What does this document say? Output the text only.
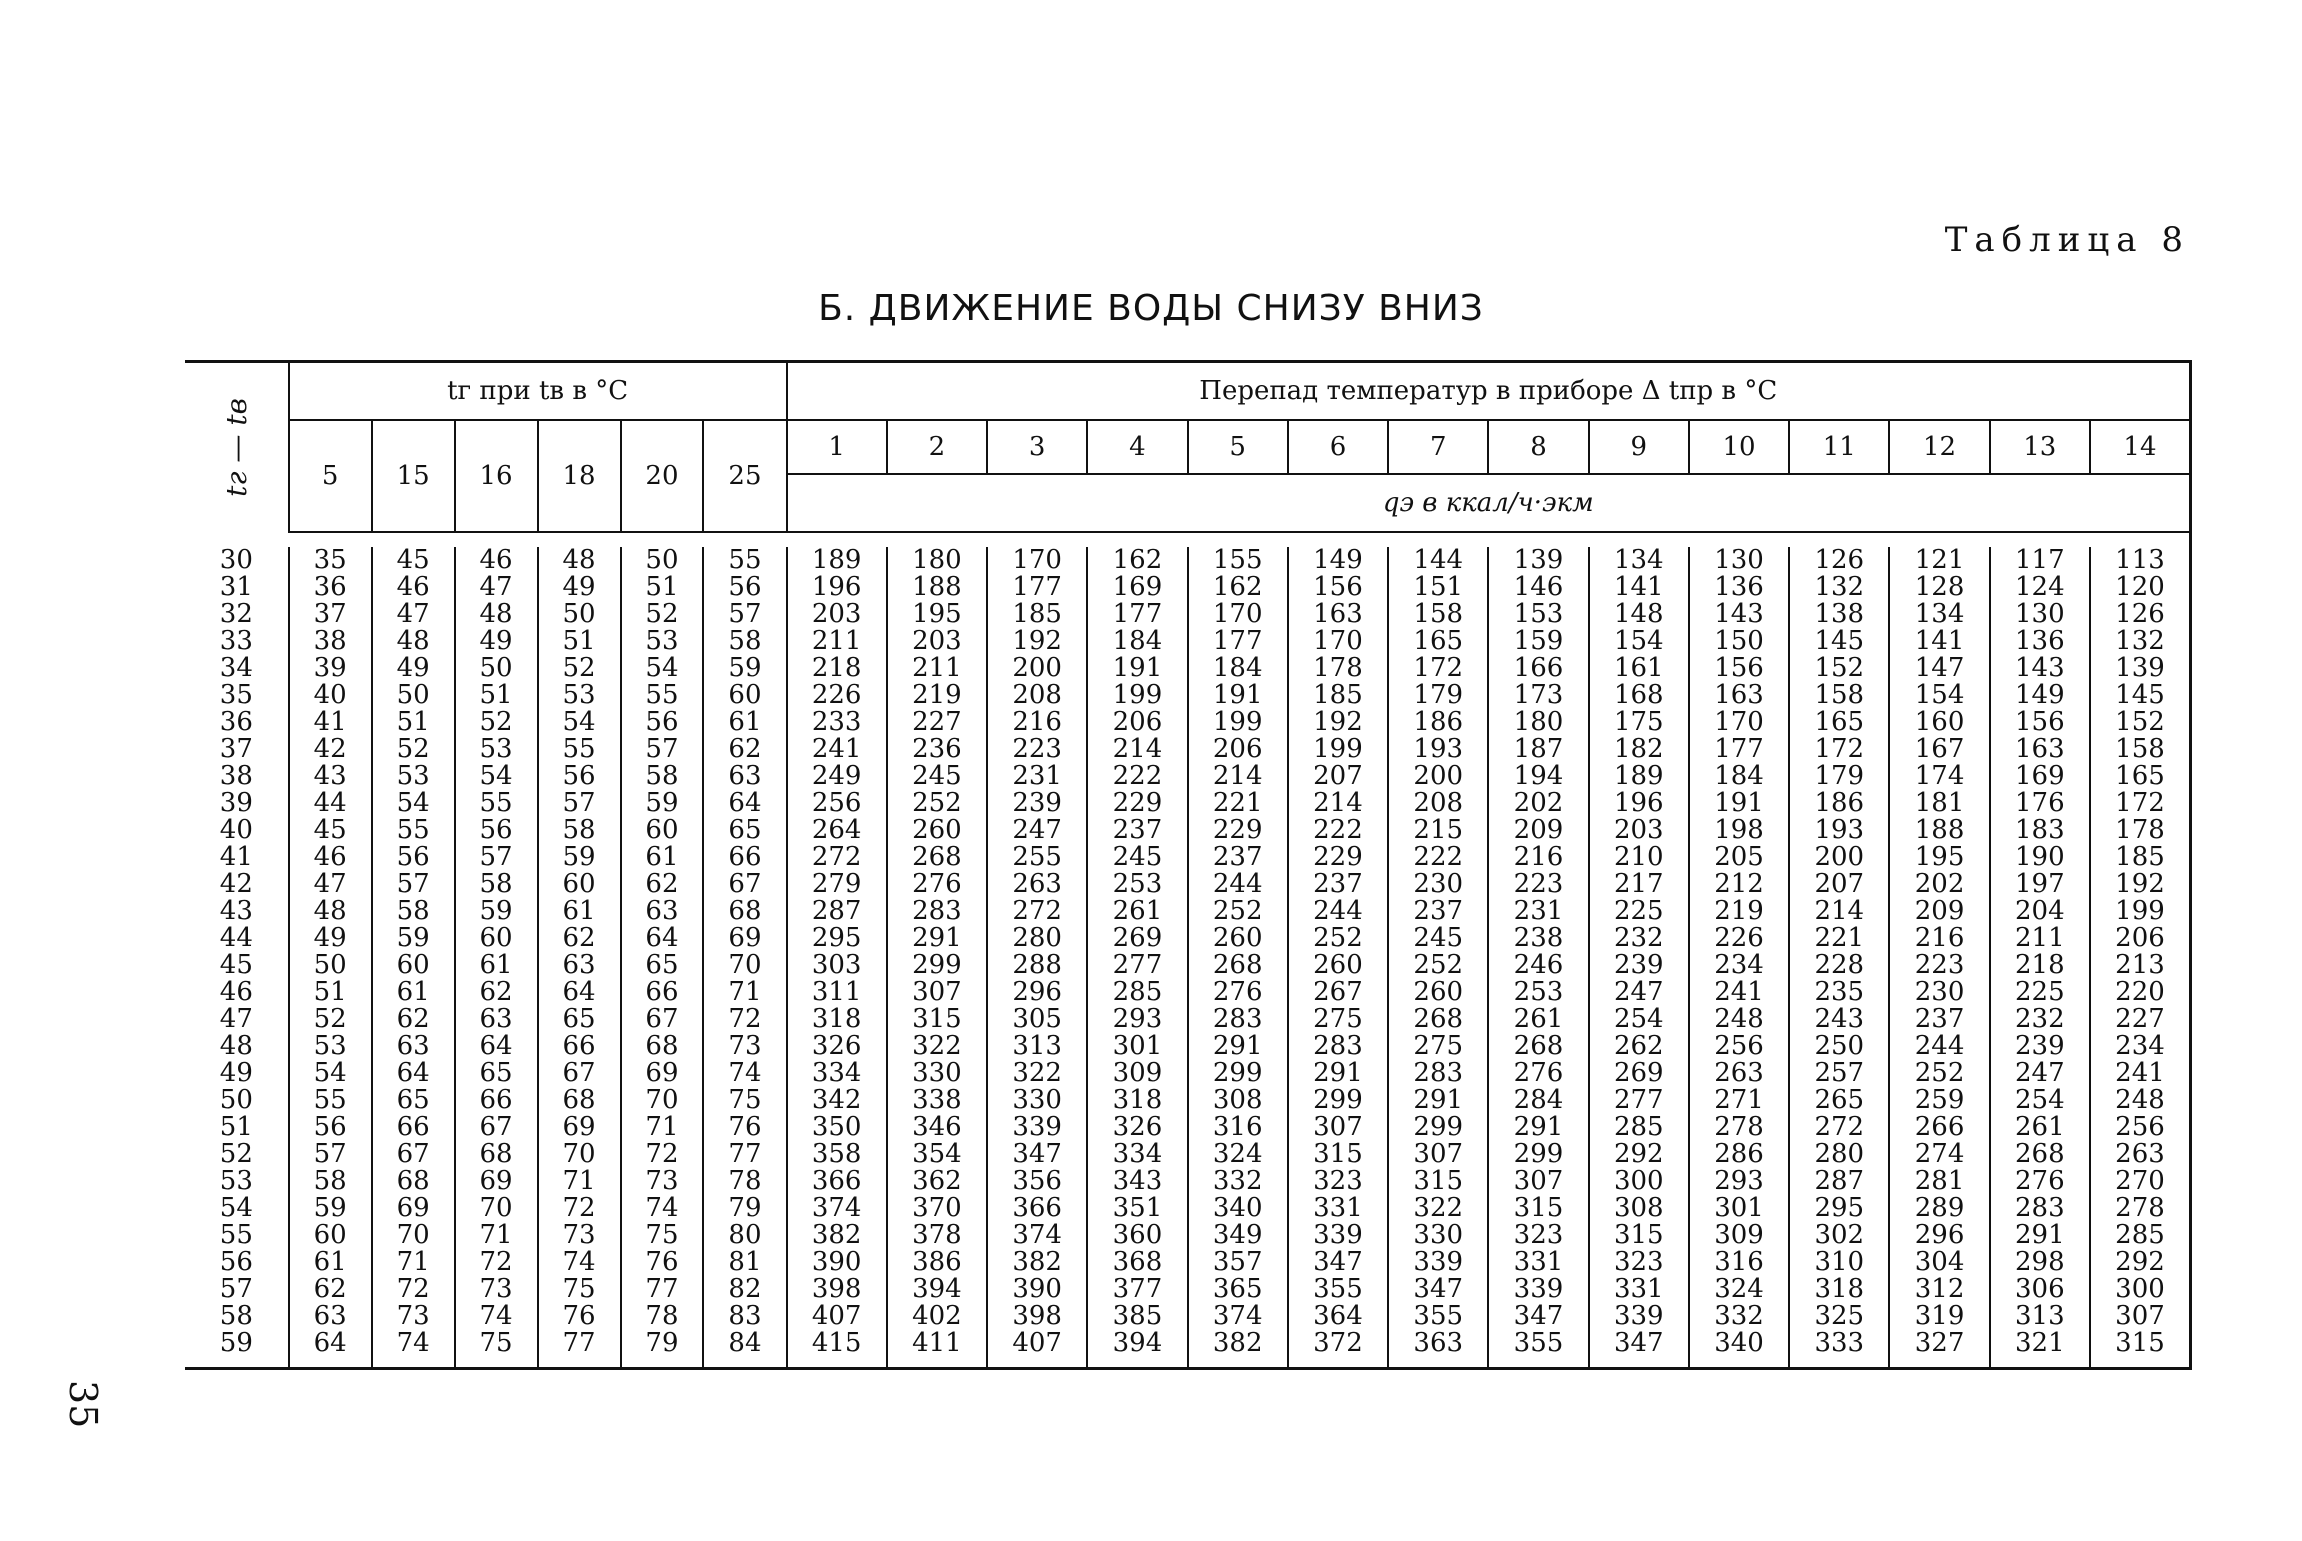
Таблица 8
Б. ДВИЖЕНИЕ ВОДЫ СНИЗУ ВНИЗ
35
tг — tв	tг при tв в °C						Перепад температур в приборе Δ tпр в °C													
	5	15	16	18	20	25	1	2	3	4	5	6	7	8	9	10	11	12	13	14
							qэ в ккал/ч·экм													

30	35	45	46	48	50	55	189	180	170	162	155	149	144	139	134	130	126	121	117	113
31	36	46	47	49	51	56	196	188	177	169	162	156	151	146	141	136	132	128	124	120
32	37	47	48	50	52	57	203	195	185	177	170	163	158	153	148	143	138	134	130	126
33	38	48	49	51	53	58	211	203	192	184	177	170	165	159	154	150	145	141	136	132
34	39	49	50	52	54	59	218	211	200	191	184	178	172	166	161	156	152	147	143	139
35	40	50	51	53	55	60	226	219	208	199	191	185	179	173	168	163	158	154	149	145
36	41	51	52	54	56	61	233	227	216	206	199	192	186	180	175	170	165	160	156	152
37	42	52	53	55	57	62	241	236	223	214	206	199	193	187	182	177	172	167	163	158
38	43	53	54	56	58	63	249	245	231	222	214	207	200	194	189	184	179	174	169	165
39	44	54	55	57	59	64	256	252	239	229	221	214	208	202	196	191	186	181	176	172
40	45	55	56	58	60	65	264	260	247	237	229	222	215	209	203	198	193	188	183	178
41	46	56	57	59	61	66	272	268	255	245	237	229	222	216	210	205	200	195	190	185
42	47	57	58	60	62	67	279	276	263	253	244	237	230	223	217	212	207	202	197	192
43	48	58	59	61	63	68	287	283	272	261	252	244	237	231	225	219	214	209	204	199
44	49	59	60	62	64	69	295	291	280	269	260	252	245	238	232	226	221	216	211	206
45	50	60	61	63	65	70	303	299	288	277	268	260	252	246	239	234	228	223	218	213
46	51	61	62	64	66	71	311	307	296	285	276	267	260	253	247	241	235	230	225	220
47	52	62	63	65	67	72	318	315	305	293	283	275	268	261	254	248	243	237	232	227
48	53	63	64	66	68	73	326	322	313	301	291	283	275	268	262	256	250	244	239	234
49	54	64	65	67	69	74	334	330	322	309	299	291	283	276	269	263	257	252	247	241
50	55	65	66	68	70	75	342	338	330	318	308	299	291	284	277	271	265	259	254	248
51	56	66	67	69	71	76	350	346	339	326	316	307	299	291	285	278	272	266	261	256
52	57	67	68	70	72	77	358	354	347	334	324	315	307	299	292	286	280	274	268	263
53	58	68	69	71	73	78	366	362	356	343	332	323	315	307	300	293	287	281	276	270
54	59	69	70	72	74	79	374	370	366	351	340	331	322	315	308	301	295	289	283	278
55	60	70	71	73	75	80	382	378	374	360	349	339	330	323	315	309	302	296	291	285
56	61	71	72	74	76	81	390	386	382	368	357	347	339	331	323	316	310	304	298	292
57	62	72	73	75	77	82	398	394	390	377	365	355	347	339	331	324	318	312	306	300
58	63	73	74	76	78	83	407	402	398	385	374	364	355	347	339	332	325	319	313	307
59	64	74	75	77	79	84	415	411	407	394	382	372	363	355	347	340	333	327	321	315
